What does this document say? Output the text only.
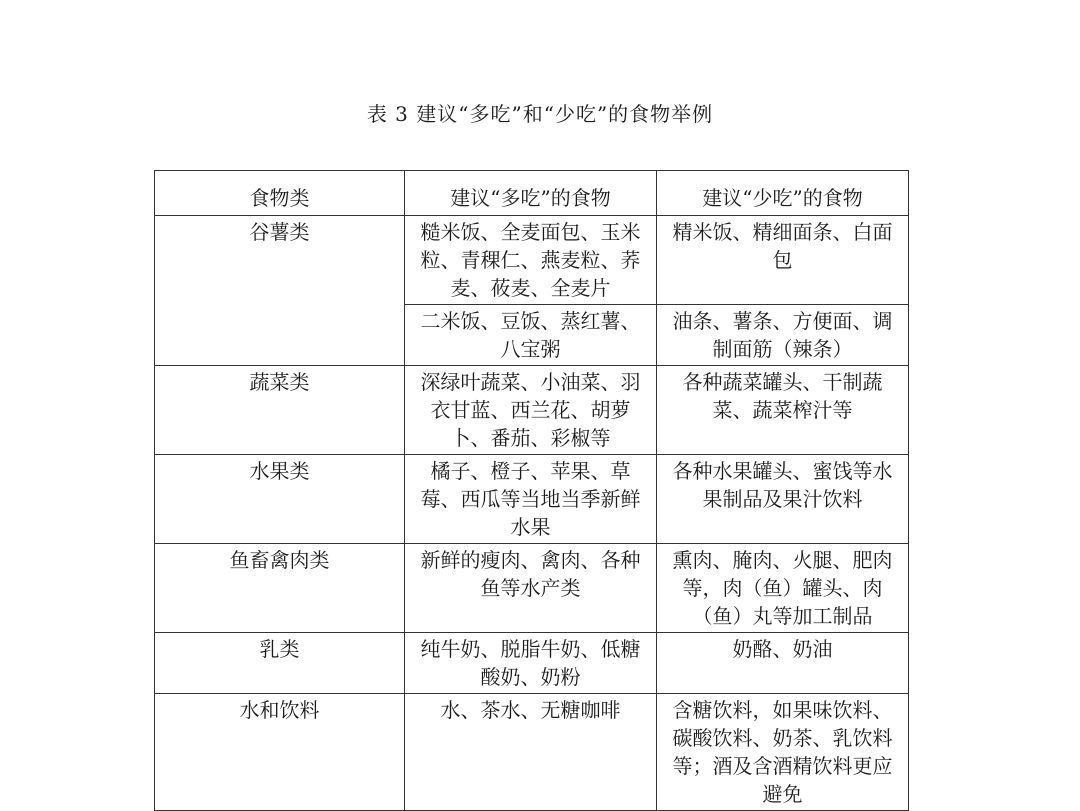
表 3 建议“多吃”和“少吃”的食物举例
食物类	建议“多吃”的食物	建议“少吃”的食物
谷薯类	糙米饭、全麦面包、玉米粒、青稞仁、燕麦粒、荞麦、莜麦、全麦片	精米饭、精细面条、白面包
	二米饭、豆饭、蒸红薯、八宝粥	油条、薯条、方便面、调制面筋（辣条）
蔬菜类	深绿叶蔬菜、小油菜、羽衣甘蓝、西兰花、胡萝卜、番茄、彩椒等	各种蔬菜罐头、干制蔬菜、蔬菜榨汁等
水果类	橘子、橙子、苹果、草莓、西瓜等当地当季新鲜水果	各种水果罐头、蜜饯等水果制品及果汁饮料
鱼畜禽肉类	新鲜的瘦肉、禽肉、各种鱼等水产类	熏肉、腌肉、火腿、肥肉等，肉（鱼）罐头、肉（鱼）丸等加工制品
乳类	纯牛奶、脱脂牛奶、低糖酸奶、奶粉	奶酪、奶油
水和饮料	水、茶水、无糖咖啡	含糖饮料，如果味饮料、碳酸饮料、奶茶、乳饮料等；酒及含酒精饮料更应避免
